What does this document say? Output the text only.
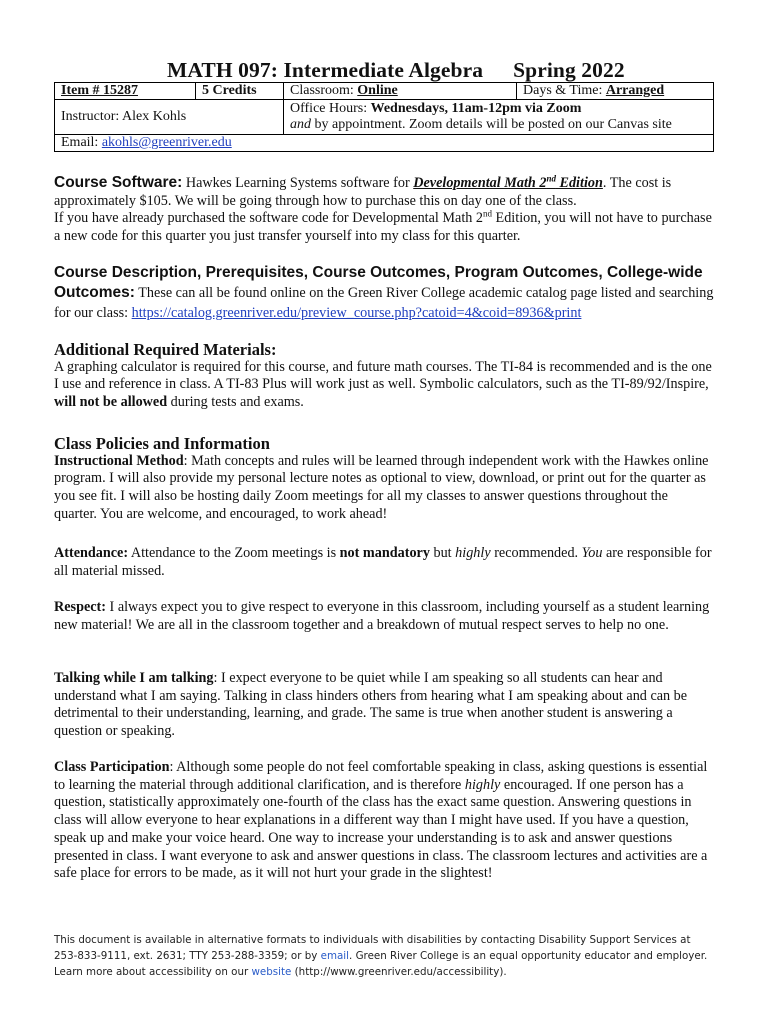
MATH 097: Intermediate Algebra Spring 2022
Item # 15287	5 Credits	Classroom: Online	Days & Time: Arranged
Instructor: Alex Kohls		Office Hours: Wednesdays, 11am-12pm via Zoom
and by appointment. Zoom details will be posted on our Canvas site	
Email: akohls@greenriver.edu			

Course Software: Hawkes Learning Systems software for Developmental Math 2nd Edition. The cost is approximately $105. We will be going through how to purchase this on day one of the class.

If you have already purchased the software code for Developmental Math 2nd Edition, you will not have to purchase a new code for this quarter you just transfer yourself into my class for this quarter.

Course Description, Prerequisites, Course Outcomes, Program Outcomes, College-wide Outcomes: These can all be found online on the Green River College academic catalog page listed and searching for our class: https://catalog.greenriver.edu/preview_course.php?catoid=4&coid=8936&print

Additional Required Materials:

A graphing calculator is required for this course, and future math courses. The TI-84 is recommended and is the one I use and reference in class. A TI-83 Plus will work just as well. Symbolic calculators, such as the TI-89/92/Inspire, will not be allowed during tests and exams.

Class Policies and Information

Instructional Method: Math concepts and rules will be learned through independent work with the Hawkes online program. I will also provide my personal lecture notes as optional to view, download, or print out for the quarter as you see fit. I will also be hosting daily Zoom meetings for all my classes to answer questions throughout the quarter. You are welcome, and encouraged, to work ahead!

Attendance: Attendance to the Zoom meetings is not mandatory but highly recommended. You are responsible for all material missed.

Respect: I always expect you to give respect to everyone in this classroom, including yourself as a student learning new material! We are all in the classroom together and a breakdown of mutual respect serves to help no one.

Talking while I am talking: I expect everyone to be quiet while I am speaking so all students can hear and understand what I am saying. Talking in class hinders others from hearing what I am speaking about and can be detrimental to their understanding, learning, and grade. The same is true when another student is answering a question or speaking.

Class Participation: Although some people do not feel comfortable speaking in class, asking questions is essential to learning the material through additional clarification, and is therefore highly encouraged. If one person has a question, statistically approximately one-fourth of the class has the exact same question. Answering questions in class will allow everyone to hear explanations in a different way than I might have used. If you have a question, speak up and make your voice heard. One way to increase your understanding is to ask and answer questions presented in class. I want everyone to ask and answer questions in class. The classroom lectures and activities are a safe place for errors to be made, as it will not hurt your grade in the slightest!

This document is available in alternative formats to individuals with disabilities by contacting Disability Support Services at 253-833-9111, ext. 2631; TTY 253-288-3359; or by email. Green River College is an equal opportunity educator and employer. Learn more about accessibility on our website (http://www.greenriver.edu/accessibility).
